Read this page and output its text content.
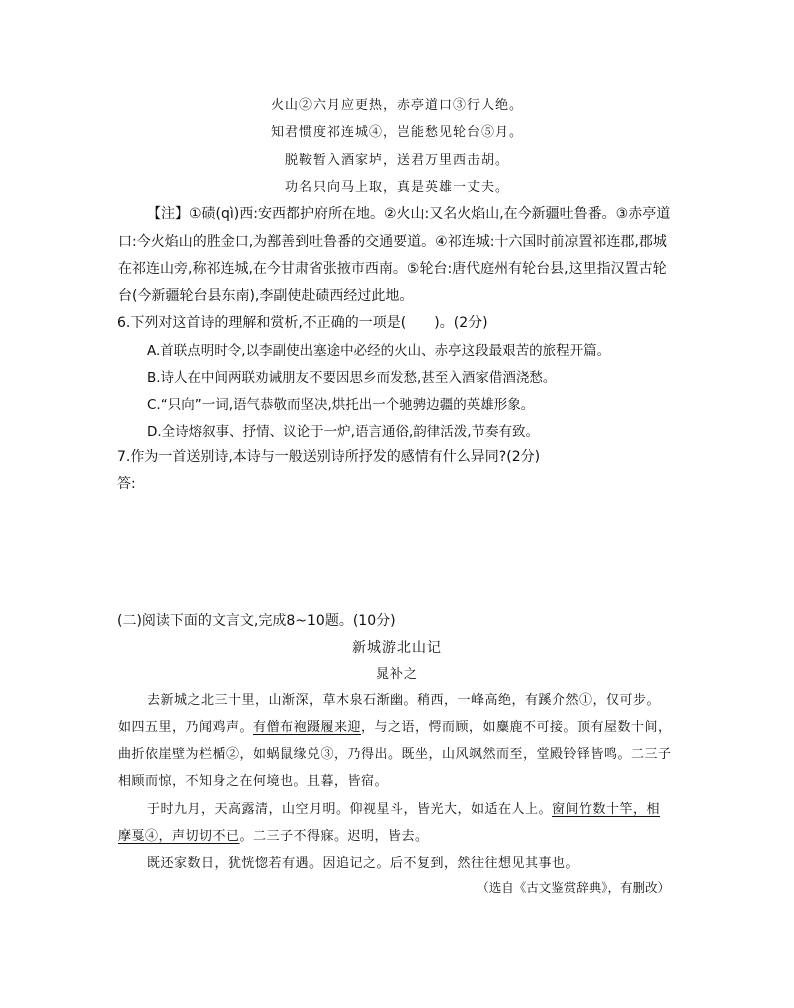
火山②六月应更热，赤亭道口③行人绝。
知君惯度祁连城④，岂能愁见轮台⑤月。
脱鞍暂入酒家垆，送君万里西击胡。
功名只向马上取，真是英雄一丈夫。
【注】①碛(qì)西:安西都护府所在地。②火山:又名火焰山,在今新疆吐鲁番。③赤亭道
口:今火焰山的胜金口,为鄯善到吐鲁番的交通要道。④祁连城:十六国时前凉置祁连郡,郡城
在祁连山旁,称祁连城,在今甘肃省张掖市西南。⑤轮台:唐代庭州有轮台县,这里指汉置古轮
台(今新疆轮台县东南),李副使赴碛西经过此地。
6.下列对这首诗的理解和赏析,不正确的一项是(　　)。(2分)
A.首联点明时令,以李副使出塞途中必经的火山、赤亭这段最艰苦的旅程开篇。
B.诗人在中间两联劝诫朋友不要因思乡而发愁,甚至入酒家借酒浇愁。
C.“只向”一词,语气恭敬而坚决,烘托出一个驰骋边疆的英雄形象。
D.全诗熔叙事、抒情、议论于一炉,语言通俗,韵律活泼,节奏有致。
7.作为一首送别诗,本诗与一般送别诗所抒发的感情有什么异同?(2分)
答:
(二)阅读下面的文言文,完成8~10题。(10分)
新城游北山记
晁补之
去新城之北三十里，山渐深，草木泉石渐幽。稍西，一峰高绝，有蹊介然①，仅可步。
如四五里，乃闻鸡声。有僧布袍蹑履来迎，与之语，愕而顾，如麋鹿不可接。顶有屋数十间，
曲折依崖壁为栏楯②，如蜗鼠缘兑③，乃得出。既坐，山风飒然而至，堂殿铃铎皆鸣。二三子
相顾而惊，不知身之在何境也。且暮，皆宿。
于时九月，天高露清，山空月明。仰视星斗，皆光大，如适在人上。窗间竹数十竿，相
摩戛④，声切切不已。二三子不得寐。迟明，皆去。
既还家数日，犹恍惚若有遇。因追记之。后不复到，然往往想见其事也。
（选自《古文鉴赏辞典》，有删改）
